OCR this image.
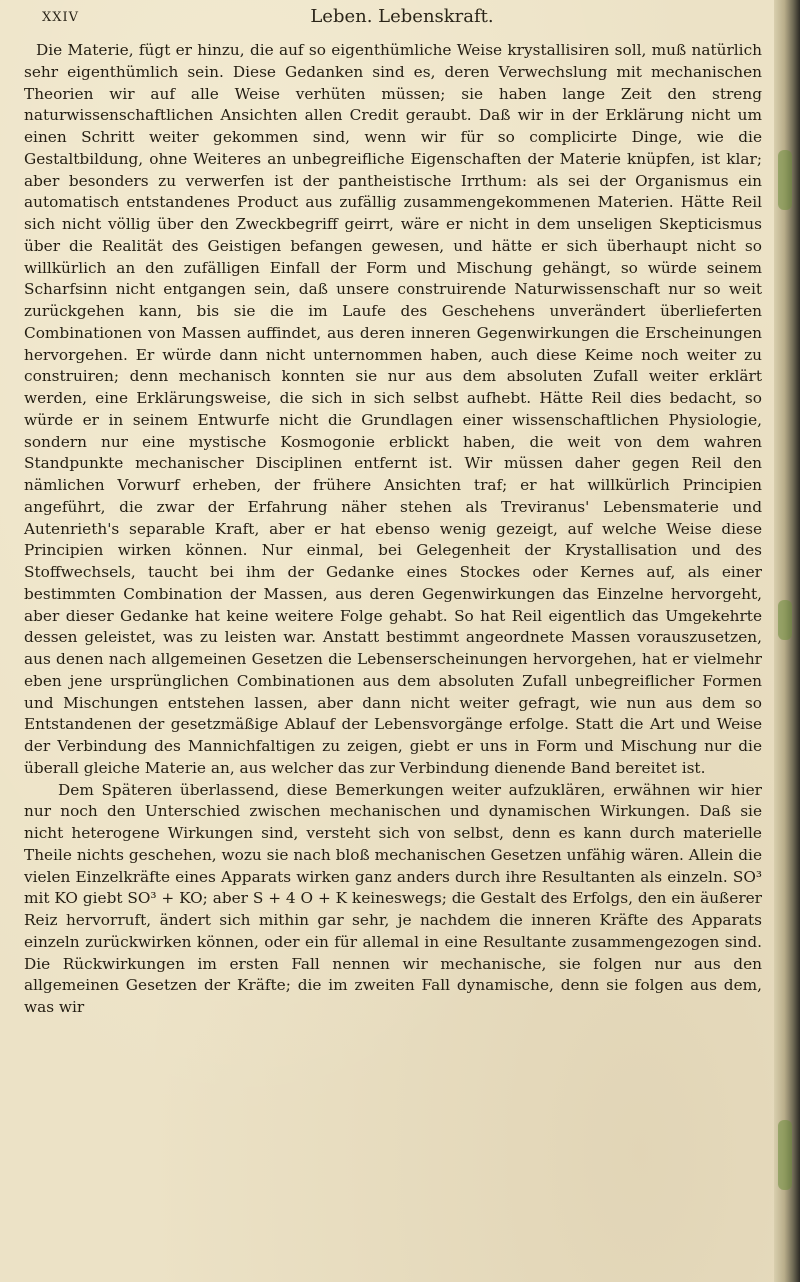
XXIV	Leben. Lebenskraft.

Die Materie, fügt er hinzu, die auf so eigenthümliche Weise krystallisiren soll, muß natürlich sehr eigenthümlich sein. Diese Gedanken sind es, deren Verwechslung mit mechanischen Theorien wir auf alle Weise verhüten müssen; sie haben lange Zeit den streng naturwissenschaftlichen Ansichten allen Credit geraubt. Daß wir in der Erklärung nicht um einen Schritt weiter gekommen sind, wenn wir für so complicirte Dinge, wie die Gestaltbildung, ohne Weiteres an unbegreifliche Eigenschaften der Materie knüpfen, ist klar; aber besonders zu verwerfen ist der pantheistische Irrthum: als sei der Organismus ein automatisch entstandenes Product aus zufällig zusammengekommenen Materien. Hätte Reil sich nicht völlig über den Zweckbegriff geirrt, wäre er nicht in dem unseligen Skepticismus über die Realität des Geistigen befangen gewesen, und hätte er sich überhaupt nicht so willkürlich an den zufälligen Einfall der Form und Mischung gehängt, so würde seinem Scharfsinn nicht entgangen sein, daß unsere construirende Naturwissenschaft nur so weit zurückgehen kann, bis sie die im Laufe des Geschehens unverändert überlieferten Combinationen von Massen auffindet, aus deren inneren Gegenwirkungen die Erscheinungen hervorgehen. Er würde dann nicht unternommen haben, auch diese Keime noch weiter zu construiren; denn mechanisch konnten sie nur aus dem absoluten Zufall weiter erklärt werden, eine Erklärungsweise, die sich in sich selbst aufhebt. Hätte Reil dies bedacht, so würde er in seinem Entwurfe nicht die Grundlagen einer wissenschaftlichen Physiologie, sondern nur eine mystische Kosmogonie erblickt haben, die weit von dem wahren Standpunkte mechanischer Disciplinen entfernt ist. Wir müssen daher gegen Reil den nämlichen Vorwurf erheben, der frühere Ansichten traf; er hat willkürlich Principien angeführt, die zwar der Erfahrung näher stehen als Treviranus' Lebensmaterie und Autenrieth's separable Kraft, aber er hat ebenso wenig gezeigt, auf welche Weise diese Principien wirken können. Nur einmal, bei Gelegenheit der Krystallisation und des Stoffwechsels, taucht bei ihm der Gedanke eines Stockes oder Kernes auf, als einer bestimmten Combination der Massen, aus deren Gegenwirkungen das Einzelne hervorgeht, aber dieser Gedanke hat keine weitere Folge gehabt. So hat Reil eigentlich das Umgekehrte dessen geleistet, was zu leisten war. Anstatt bestimmt angeordnete Massen vorauszusetzen, aus denen nach allgemeinen Gesetzen die Lebenserscheinungen hervorgehen, hat er vielmehr eben jene ursprünglichen Combinationen aus dem absoluten Zufall unbegreiflicher Formen und Mischungen entstehen lassen, aber dann nicht weiter gefragt, wie nun aus dem so Entstandenen der gesetzmäßige Ablauf der Lebensvorgänge erfolge. Statt die Art und Weise der Verbindung des Mannichfaltigen zu zeigen, giebt er uns in Form und Mischung nur die überall gleiche Materie an, aus welcher das zur Verbindung dienende Band bereitet ist.

Dem Späteren überlassend, diese Bemerkungen weiter aufzuklären, erwähnen wir hier nur noch den Unterschied zwischen mechanischen und dynamischen Wirkungen. Daß sie nicht heterogene Wirkungen sind, versteht sich von selbst, denn es kann durch materielle Theile nichts geschehen, wozu sie nach bloß mechanischen Gesetzen unfähig wären. Allein die vielen Einzelkräfte eines Apparats wirken ganz anders durch ihre Resultanten als einzeln. SO³ mit KO giebt SO³ + KO; aber S + 4 O + K keineswegs; die Gestalt des Erfolgs, den ein äußerer Reiz hervorruft, ändert sich mithin gar sehr, je nachdem die inneren Kräfte des Apparats einzeln zurückwirken können, oder ein für allemal in eine Resultante zusammengezogen sind. Die Rückwirkungen im ersten Fall nennen wir mechanische, sie folgen nur aus den allgemeinen Gesetzen der Kräfte; die im zweiten Fall dynamische, denn sie folgen aus dem, was wir
